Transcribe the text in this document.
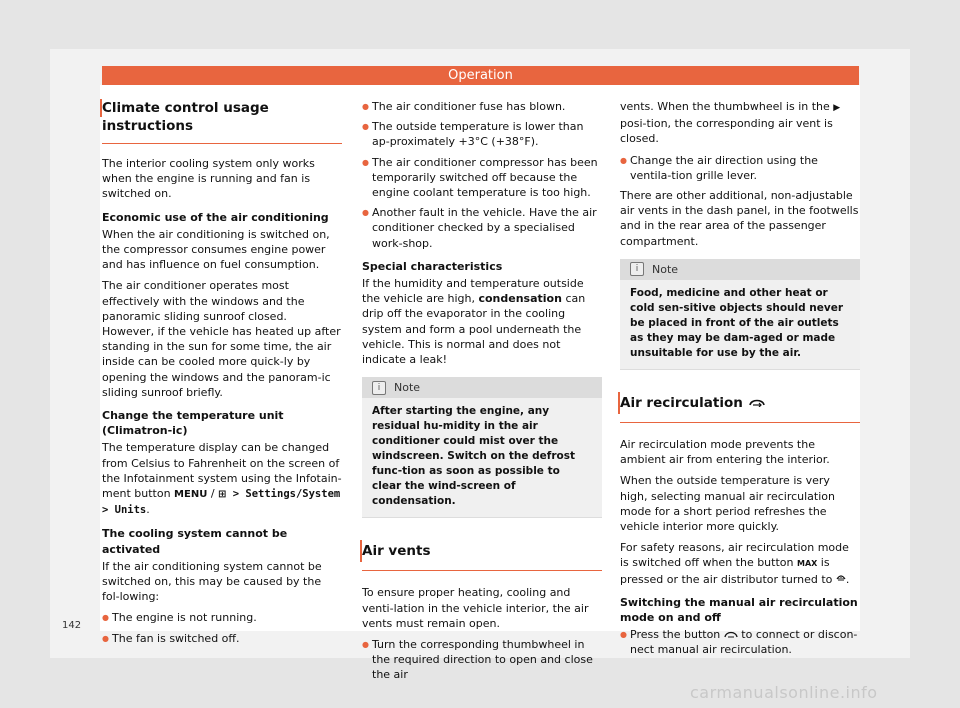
Operation
Climate control usage instructions

The interior cooling system only works when the engine is running and fan is switched on.

Economic use of the air conditioning

When the air conditioning is switched on, the compressor consumes engine power and has influence on fuel consumption.

The air conditioner operates most effectively with the windows and the panoramic sliding sunroof closed. However, if the vehicle has heated up after standing in the sun for some time, the air inside can be cooled more quick-ly by opening the windows and the panoram-ic sliding sunroof briefly.

Change the temperature unit (Climatron-ic)

The temperature display can be changed from Celsius to Fahrenheit on the screen of the Infotainment system using the Infotain-ment button MENU / ⊞ > Settings/System > Units.

The cooling system cannot be activated

If the air conditioning system cannot be switched on, this may be caused by the fol-lowing:

● The engine is not running.
● The fan is switched off.
● The air conditioner fuse has blown.
● The outside temperature is lower than ap-proximately +3°C (+38°F).
● The air conditioner compressor has been temporarily switched off because the engine coolant temperature is too high.
● Another fault in the vehicle. Have the air conditioner checked by a specialised work-shop.
Special characteristics

If the humidity and temperature outside the vehicle are high, condensation can drip off the evaporator in the cooling system and form a pool underneath the vehicle. This is normal and does not indicate a leak!

i	Note
After starting the engine, any residual hu-midity in the air conditioner could mist over the windscreen. Switch on the defrost func-tion as soon as possible to clear the wind-screen of condensation.
Air vents

To ensure proper heating, cooling and venti-lation in the vehicle interior, the air vents must remain open.

● Turn the corresponding thumbwheel in the required direction to open and close the air

vents. When the thumbwheel is in the ▶ posi-tion, the corresponding air vent is closed.

● Change the air direction using the ventila-tion grille lever.

There are other additional, non-adjustable air vents in the dash panel, in the footwells and in the rear area of the passenger compartment.

i	Note
Food, medicine and other heat or cold sen-sitive objects should never be placed in front of the air outlets as they may be dam-aged or made unsuitable for use by the air.
Air recirculation

Air recirculation mode prevents the ambient air from entering the interior.

When the outside temperature is very high, selecting manual air recirculation mode for a short period refreshes the vehicle interior more quickly.

For safety reasons, air recirculation mode is switched off when the button MAX is pressed or the air distributor turned to .

Switching the manual air recirculation mode on and off
● Press the button  to connect or discon-nect manual air recirculation.
142
carmanualsonline.info
